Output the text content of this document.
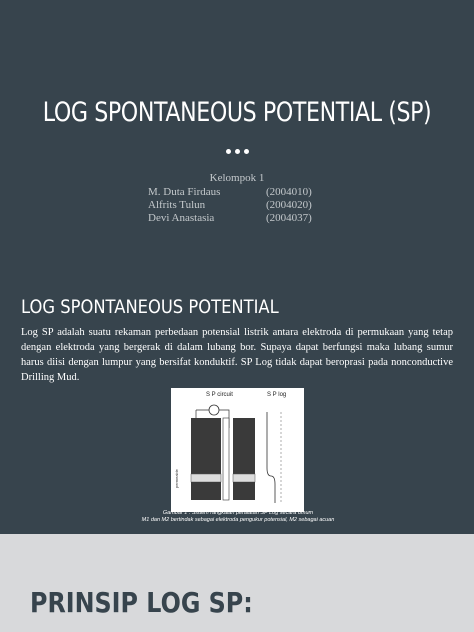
LOG SPONTANEOUS POTENTIAL (SP)
Kelompok 1
M. Duta Firdaus	(2004010)
Alfrits Tulun	(2004020)
Devi Anastasia	(2004037)
LOG SPONTANEOUS POTENTIAL
Log SP adalah suatu rekaman perbedaan potensial listrik antara elektroda di permukaan yang tetap dengan elektroda yang bergerak di dalam lubang bor. Supaya dapat berfungsi maka lubang sumur harus diisi dengan lumpur yang bersifat konduktif. SP Log tidak dapat beroprasi pada nonconductive Drilling Mud.
S P circuit	S P log
permeable
Gambar 1 . Sistem rangkaian peralatan SP Log secara umum
M1 dan M2 bertindak sebagai elektroda pengukur potensial, M2 sebagai acuan
PRINSIP LOG SP:
